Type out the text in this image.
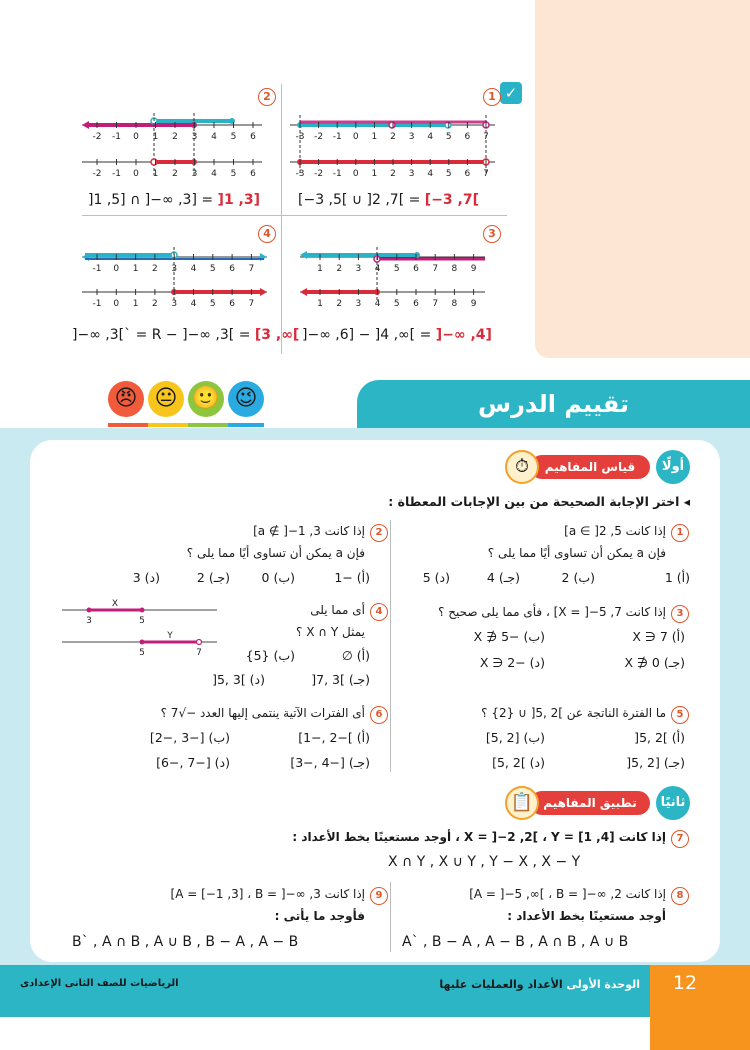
✓
1
-3
-3
-2
-2
-1
-1
0
0
1
1
2
2
3
3
4
4
5
5
6
6
7
7
[−3 ,5[ ∪ ]2 ,7[ = [−3 ,7[
2
-2
-2
-1
-1
0
0
1
1
2
2
3
3
4
4
5
5
6
6
]1 ,5] ∩ ]−∞ ,3] = ]1 ,3]
3
1
1
2
2
3
3
4
4
5
5
6
6
7
7
8
8
9
9
]−∞ ,6] − ]4 ,∞[ = ]−∞ ,4]
4
-1
-1
0
0
1
1
2
2
3
3
4
4
5
5
6
6
7
7
]−∞ ,3[` = R − ]−∞ ,3[ = [3 ,∞[
😠 😐 🙂 😉	تقييم الدرس
أولًا
قياس المفاهيم
⏱
◂ اختر الإجابة الصحيحة من بين الإجابات المعطاة :
1
إذا كانت a ∈ ]2 ,5]
فإن a يمكن أن تساوى أيًا مما يلى ؟
(أ) 1
(ب) 2
(جـ) 4
(د) 5
2
إذا كانت a ∉ ]−1 ,3]
فإن a يمكن أن تساوى أيًا مما يلى ؟
(أ) −1
(ب) 0
(جـ) 2
(د) 3
3
إذا كانت X = ]−5 ,7] ، فأى مما يلى صحيح ؟
(أ) 7 ∈ X
(ب) −5 ∉ X
(جـ) 0 ∉ X
(د) −2 ∈ X
4
أى مما يلى
يمثل X ∩ Y ؟
X
3	5
Y
5	7	(أ) ∅
(ب) {5}
(جـ) ]3 ,7[
(د) ]3 ,5[
5
ما الفترة الناتجة عن ]2 ,5[ ∪ {2} ؟
(أ) ]2 ,5[
(ب) [2 ,5]
(جـ) [2 ,5[
(د) ]2 ,5]
6
أى الفترات الآتية ينتمى إليها العدد −√7 ؟
(أ) ]−2 ,−1]
(ب) [−3 ,−2]
(جـ) [−4 ,−3]
(د) [−7 ,−6]
ثانيًا
تطبيق المفاهيم
📋
7
إذا كانت X = ]−2 ,2[ ، Y = [1 ,4] ، أوجد مستعينًا بخط الأعداد :
X ∩ Y , X ∪ Y , Y − X , X − Y
8
إذا كانت A = ]−5 ,∞[ ، B = ]−∞ ,2]
أوجد مستعينًا بخط الأعداد :
A` , B − A , A − B , A ∩ B , A ∪ B
9
إذا كانت A = [−1 ,3] ، B = ]−∞ ,3]
فأوجد ما يأتى :
B` , A ∩ B , A ∪ B , B − A , A − B
12
الوحدة الأولى الأعداد والعمليات عليها
الرياضيات للصف الثانى الإعدادى
